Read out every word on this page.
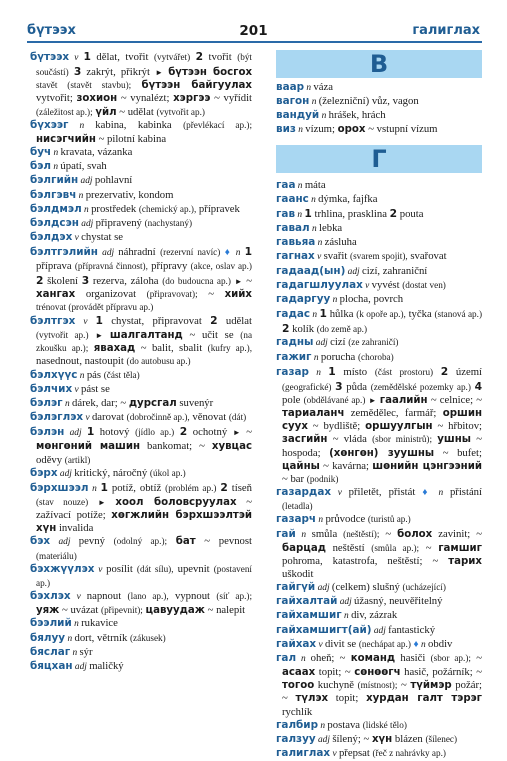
бүтээх	201	галиглах
бүтээх v 1 dělat, tvořit (vytvářet) 2 tvořit (být součástí) 3 zakrýt, přikrýt ► бүтээн босгох stavět (stavět stavbu); бүтээн байгуулах vytvořit; зохион ~ vynalézt; хэргээ ~ vyřídit (záležitost ap.); үйл ~ udělat (vytvořit ap.)
бүхээг n kabina, kabinka (převlékací ap.); нисэгчийн ~ pilotní kabina
буч n kravata, vázanka
бэл n úpatí, svah
бэлгийн adj pohlavní
бэлгэвч n prezervativ, kondom
бэлдмэл n prostředek (chemický ap.), přípravek
бэлдсэн adj připravený (nachystaný)
бэлдэх v chystat se
бэлтгэлийн adj náhradní (rezervní navíc) ♦ n 1 příprava (přípravná činnost), přípravy (akce, oslav ap.) 2 školení 3 rezerva, záloha (do budoucna ap.) ► ~ хангах organizovat (připravovat); ~ хийх trénovat (provádět přípravu ap.)
бэлтгэх v 1 chystat, připravovat 2 udělat (vytvořit ap.) ► шалгалтанд ~ učit se (na zkoušku ap.); явахад ~ balit, sbalit (kufry ap.), nasednout, nastoupit (do autobusu ap.)
бэлхүүс n pás (část těla)
бэлчих v pást se
бэлэг n dárek, dar; ~ дурсгал suvenýr
бэлэглэх v darovat (dobročinně ap.), věnovat (dát)
бэлэн adj 1 hotový (jídlo ap.) 2 ochotný ► ~ мөнгөний машин bankomat; ~ хувцас oděvy (artikl)
бэрх adj kritický, náročný (úkol ap.)
бэрхшээл n 1 potíž, obtíž (problém ap.) 2 tíseň (stav nouze) ► хоол боловсруулах ~ zažívací potíže; хөгжлийн бэрхшээлтэй хүн invalida
бэх adj pevný (odolný ap.); бат ~ pevnost (materiálu)
бэхжүүлэх v posílit (dát sílu), upevnit (postavení ap.)
бэхлэх v napnout (lano ap.), vypnout (síť ap.); уяж ~ uvázat (připevnit); цавуудаж ~ nalepit
бээлий n rukavice
бялуу n dort, větrník (zákusek)
бяслаг n sýr
бяцхан adj maličký
В
ваар n váza
вагон n (železniční) vůz, vagon
вандуй n hrášek, hrách
виз n vízum; орох ~ vstupní vízum
Г
гаа n máta
гаанс n dýmka, fajfka
гав n 1 trhlina, prasklina 2 pouta
гавал n lebka
гавьяа n zásluha
гагнах v svařit (svarem spojit), svařovat
гадаад(ын) adj cizí, zahraniční
гадагшлуулах v vyvést (dostat ven)
гадаргуу n plocha, povrch
гадас n 1 hůlka (k opoře ap.), tyčka (stanová ap.) 2 kolík (do země ap.)
гадны adj cizí (ze zahraničí)
гажиг n porucha (choroba)
газар n 1 místo (část prostoru) 2 území (geografické) 3 půda (zemědělské pozemky ap.) 4 pole (obdělávané ap.) ► гаалийн ~ celnice; ~ тариаланч zemědělec, farmář; оршин суух ~ bydliště; оршуулгын ~ hřbitov; засгийн ~ vláda (sbor ministrů); ушны ~ hospoda; (хөнгөн) зуушны ~ bufet; цайны ~ kavárna; шөнийн цэнгээний ~ bar (podnik)
газардах v přiletět, přistát ♦ n přistání (letadla)
газарч n průvodce (turistů ap.)
гай n smůla (neštěstí); ~ болох zavinit; ~ барцад neštěstí (smůla ap.); ~ гамшиг pohroma, katastrofa, neštěstí; ~ тарих uškodit
гайгүй adj (celkem) slušný (ucházející)
гайхалтай adj úžasný, neuvěřitelný
гайхамшиг n div, zázrak
гайхамшигт(ай) adj fantastický
гайхах v divit se (nechápat ap.) ♦ n obdiv
гал n oheň; ~ команд hasiči (sbor ap.); ~ асаах topit; ~ сөнөөгч hasič, požárník; ~ тогоо kuchyně (místnost); ~ түймэр požár; ~ түлэх topit; хурдан галт тэрэг rychlík
галбир n postava (lidské tělo)
галзуу adj šílený; ~ хүн blázen (šílenec)
галиглах v přepsat (řeč z nahrávky ap.)
